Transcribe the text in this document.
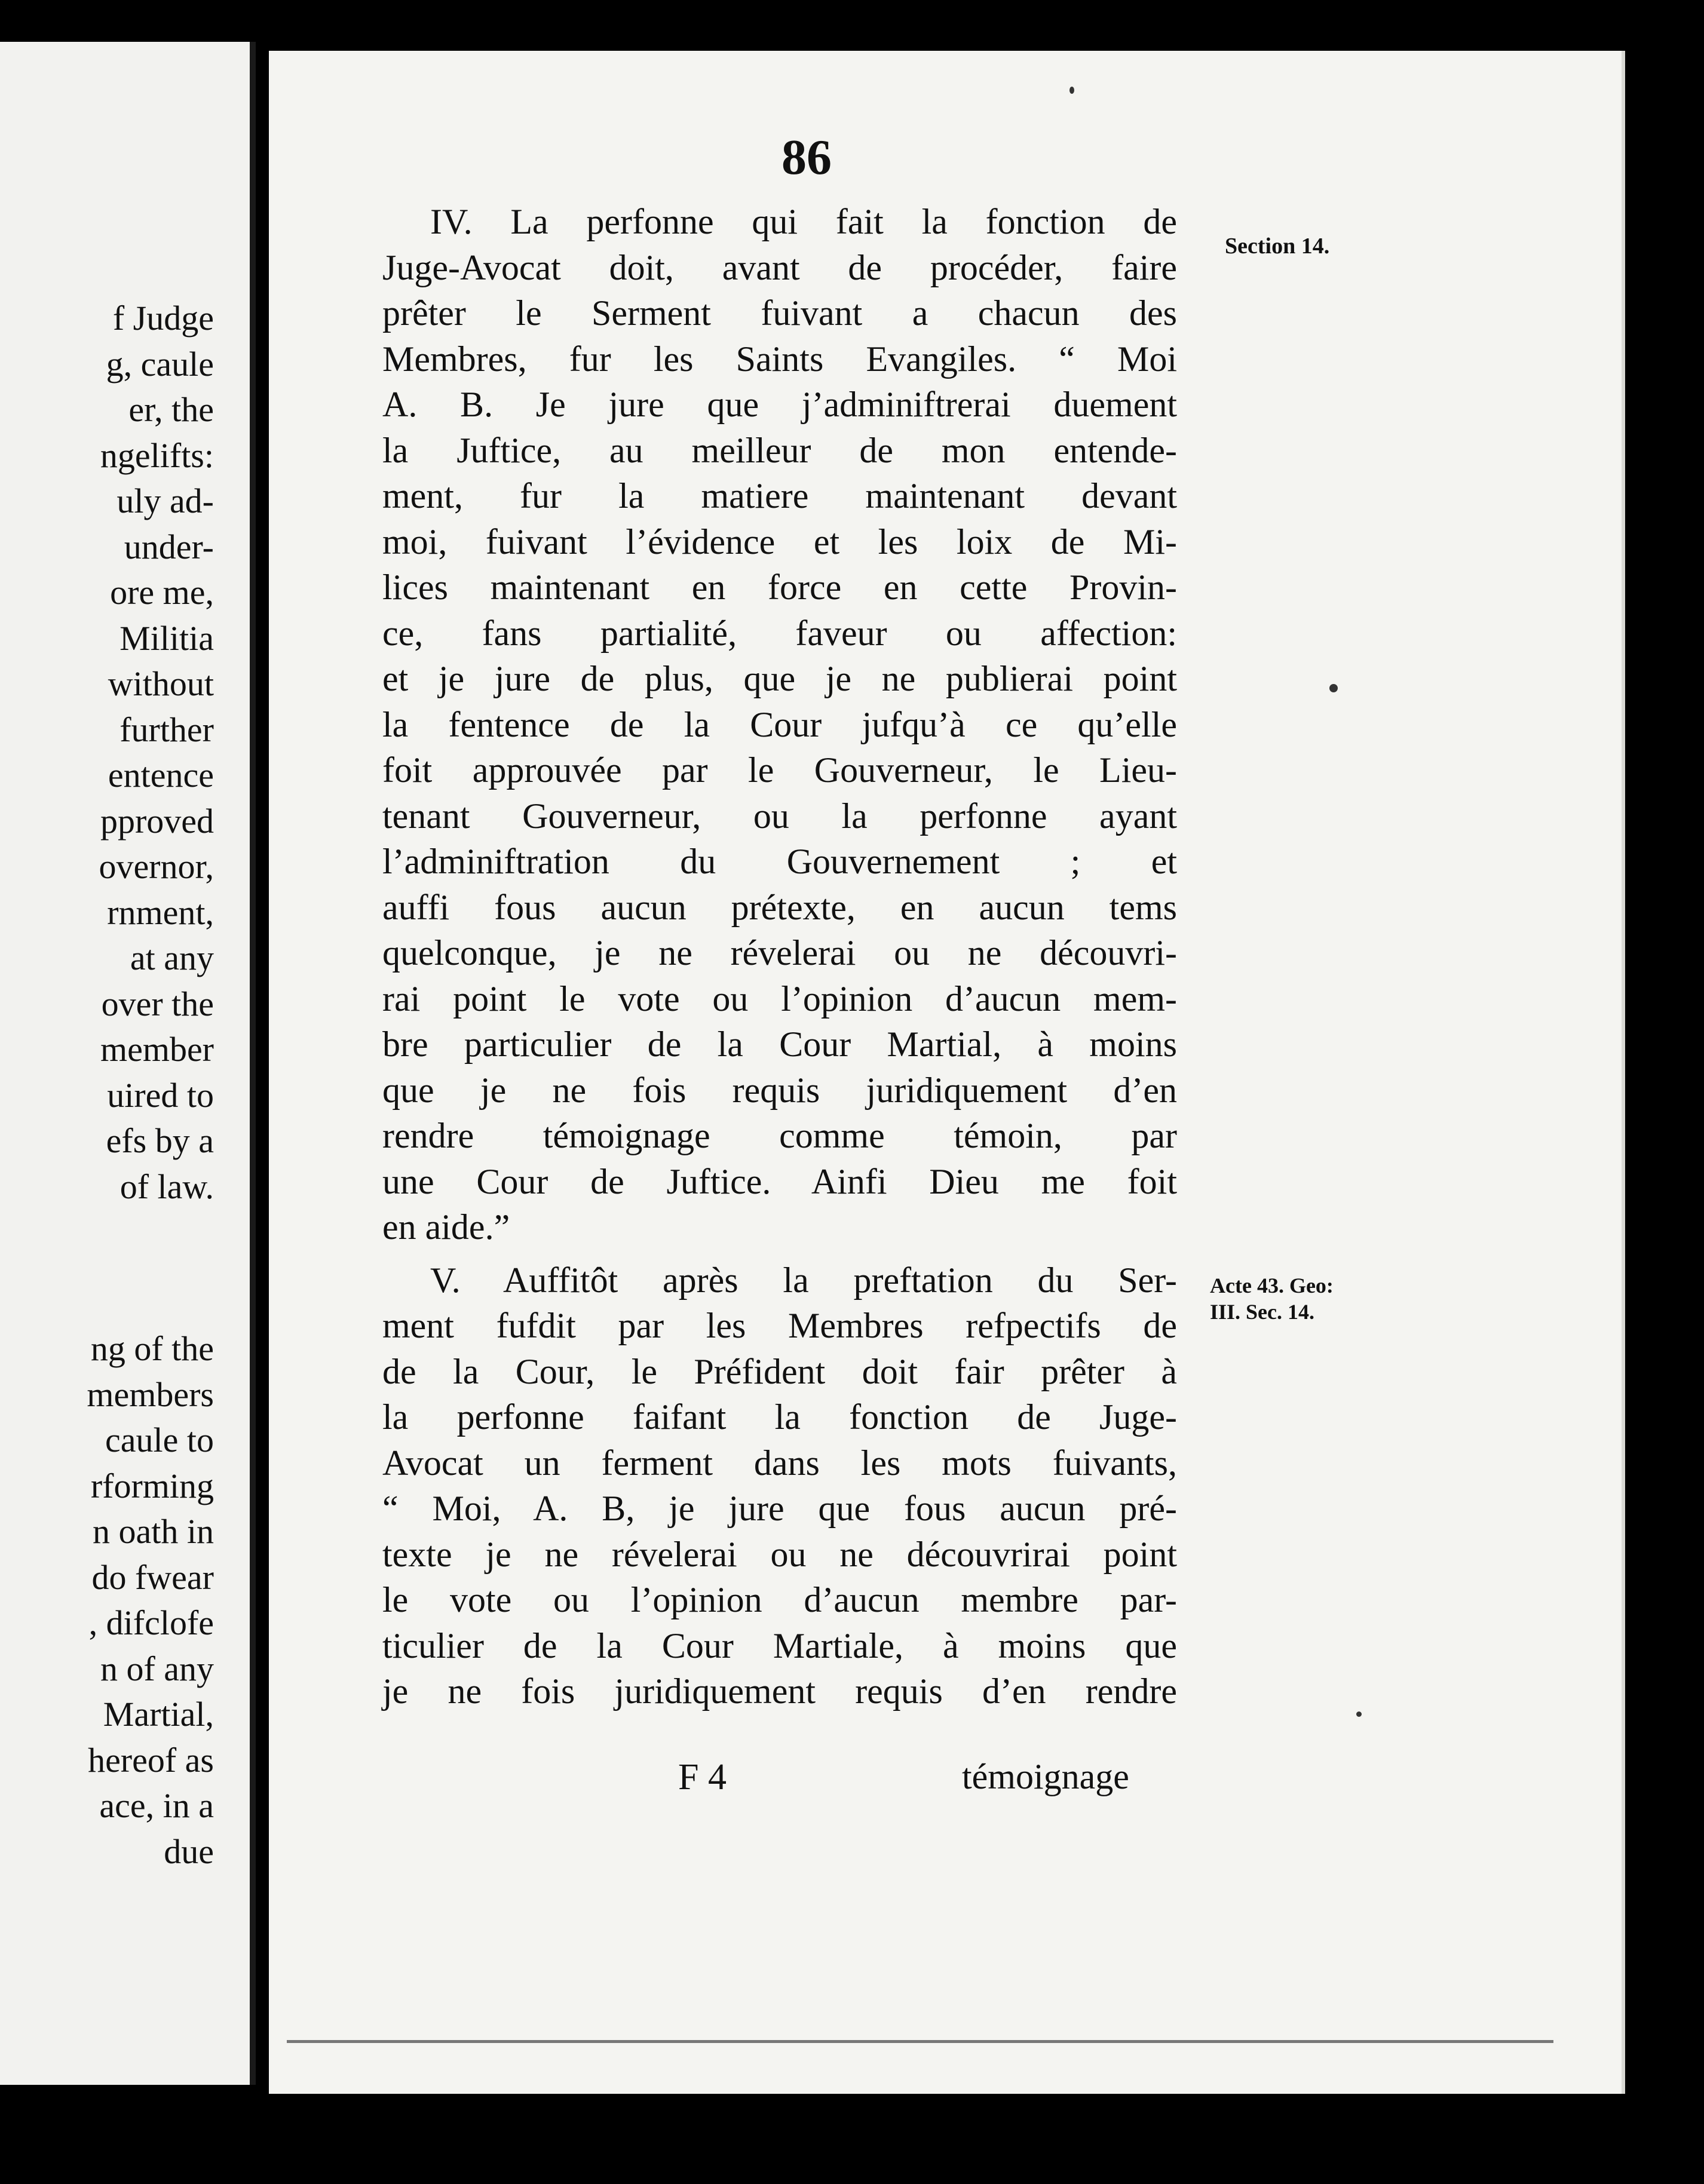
f Judge
g, caule
er, the
ngelifts:
uly ad-
under-
ore me,
Militia
without
further
entence
pproved
overnor,
rnment,
at any
over the
member
uired to
efs by a
of law.
ng of the
members
caule to
rforming
n oath in
do fwear
, difclofe
n of any
Martial,
hereof as
ace, in a
due
86
Section 14.
Acte 43. Geo:
III. Sec. 14.
IV. La perfonne qui fait la fonction de
Juge-Avocat doit, avant de procéder, faire
prêter le Serment fuivant a chacun des
Membres, fur les Saints Evangiles. “ Moi
A. B. Je jure que j’adminiftrerai duement
la Juftice, au meilleur de mon entende-
ment, fur la matiere maintenant devant
moi, fuivant l’évidence et les loix de Mi-
lices maintenant en force en cette Provin-
ce, fans partialité, faveur ou affection:
et je jure de plus, que je ne publierai point
la fentence de la Cour jufqu’à ce qu’elle
foit approuvée par le Gouverneur, le Lieu-
tenant Gouverneur, ou la perfonne ayant
l’adminiftration du Gouvernement ; et
auffi fous aucun prétexte, en aucun tems
quelconque, je ne révelerai ou ne découvri-
rai point le vote ou l’opinion d’aucun mem-
bre particulier de la Cour Martial, à moins
que je ne fois requis juridiquement d’en
rendre témoignage comme témoin, par
une Cour de Juftice. Ainfi Dieu me foit
en aide.”
V. Auffitôt après la preftation du Ser-
ment fufdit par les Membres refpectifs de
de la Cour, le Préfident doit fair prêter à
la perfonne faifant la fonction de Juge-
Avocat un ferment dans les mots fuivants,
“ Moi, A. B, je jure que fous aucun pré-
texte je ne révelerai ou ne découvrirai point
le vote ou l’opinion d’aucun membre par-
ticulier de la Cour Martiale, à moins que
je ne fois juridiquement requis d’en rendre
F 4	témoignage
